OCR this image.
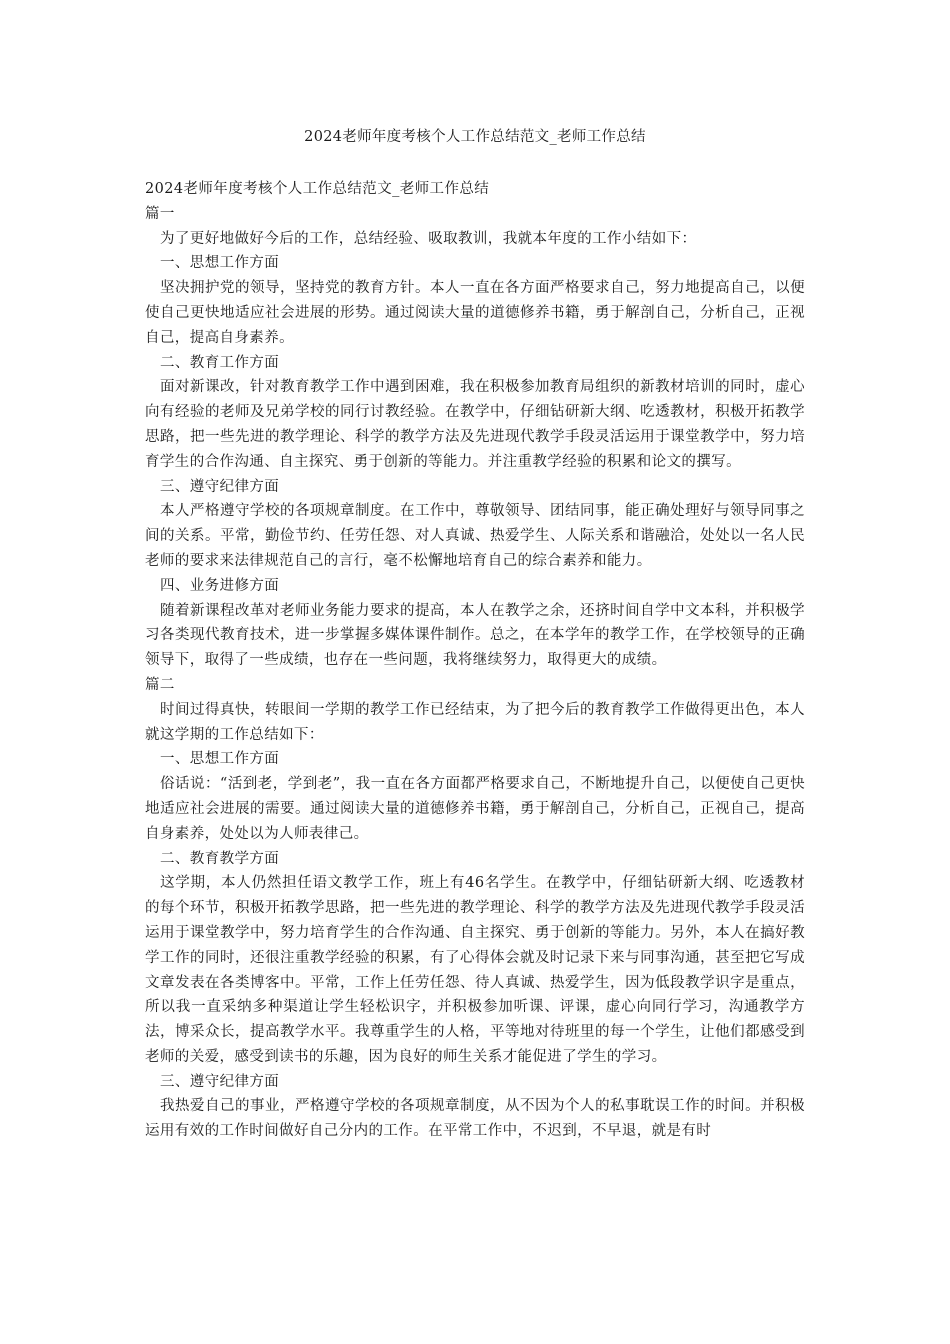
2024老师年度考核个人工作总结范文_老师工作总结

2024老师年度考核个人工作总结范文_老师工作总结

篇一

为了更好地做好今后的工作，总结经验、吸取教训，我就本年度的工作小结如下：

一、思想工作方面

坚决拥护党的领导，坚持党的教育方针。本人一直在各方面严格要求自己，努力地提高自己，以便使自己更快地适应社会进展的形势。通过阅读大量的道德修养书籍，勇于解剖自己，分析自己，正视自己，提高自身素养。

二、教育工作方面

面对新课改，针对教育教学工作中遇到困难，我在积极参加教育局组织的新教材培训的同时，虚心向有经验的老师及兄弟学校的同行讨教经验。在教学中，仔细钻研新大纲、吃透教材，积极开拓教学思路，把一些先进的教学理论、科学的教学方法及先进现代教学手段灵活运用于课堂教学中，努力培育学生的合作沟通、自主探究、勇于创新的等能力。并注重教学经验的积累和论文的撰写。

三、遵守纪律方面

本人严格遵守学校的各项规章制度。在工作中，尊敬领导、团结同事，能正确处理好与领导同事之间的关系。平常，勤俭节约、任劳任怨、对人真诚、热爱学生、人际关系和谐融洽，处处以一名人民老师的要求来法律规范自己的言行，毫不松懈地培育自己的综合素养和能力。

四、业务进修方面

随着新课程改革对老师业务能力要求的提高，本人在教学之余，还挤时间自学中文本科，并积极学习各类现代教育技术，进一步掌握多媒体课件制作。总之，在本学年的教学工作，在学校领导的正确领导下，取得了一些成绩，也存在一些问题，我将继续努力，取得更大的成绩。

篇二

时间过得真快，转眼间一学期的教学工作已经结束，为了把今后的教育教学工作做得更出色，本人就这学期的工作总结如下：

一、思想工作方面

俗话说：“活到老，学到老”，我一直在各方面都严格要求自己，不断地提升自己，以便使自己更快地适应社会进展的需要。通过阅读大量的道德修养书籍，勇于解剖自己，分析自己，正视自己，提高自身素养，处处以为人师表律己。

二、教育教学方面

这学期，本人仍然担任语文教学工作，班上有46名学生。在教学中，仔细钻研新大纲、吃透教材的每个环节，积极开拓教学思路，把一些先进的教学理论、科学的教学方法及先进现代教学手段灵活运用于课堂教学中，努力培育学生的合作沟通、自主探究、勇于创新的等能力。另外，本人在搞好教学工作的同时，还很注重教学经验的积累，有了心得体会就及时记录下来与同事沟通，甚至把它写成文章发表在各类博客中。平常，工作上任劳任怨、待人真诚、热爱学生，因为低段教学识字是重点，所以我一直采纳多种渠道让学生轻松识字，并积极参加听课、评课，虚心向同行学习，沟通教学方法，博采众长，提高教学水平。我尊重学生的人格，平等地对待班里的每一个学生，让他们都感受到老师的关爱，感受到读书的乐趣，因为良好的师生关系才能促进了学生的学习。

三、遵守纪律方面

我热爱自己的事业，严格遵守学校的各项规章制度，从不因为个人的私事耽误工作的时间。并积极运用有效的工作时间做好自己分内的工作。在平常工作中，不迟到，不早退，就是有时
